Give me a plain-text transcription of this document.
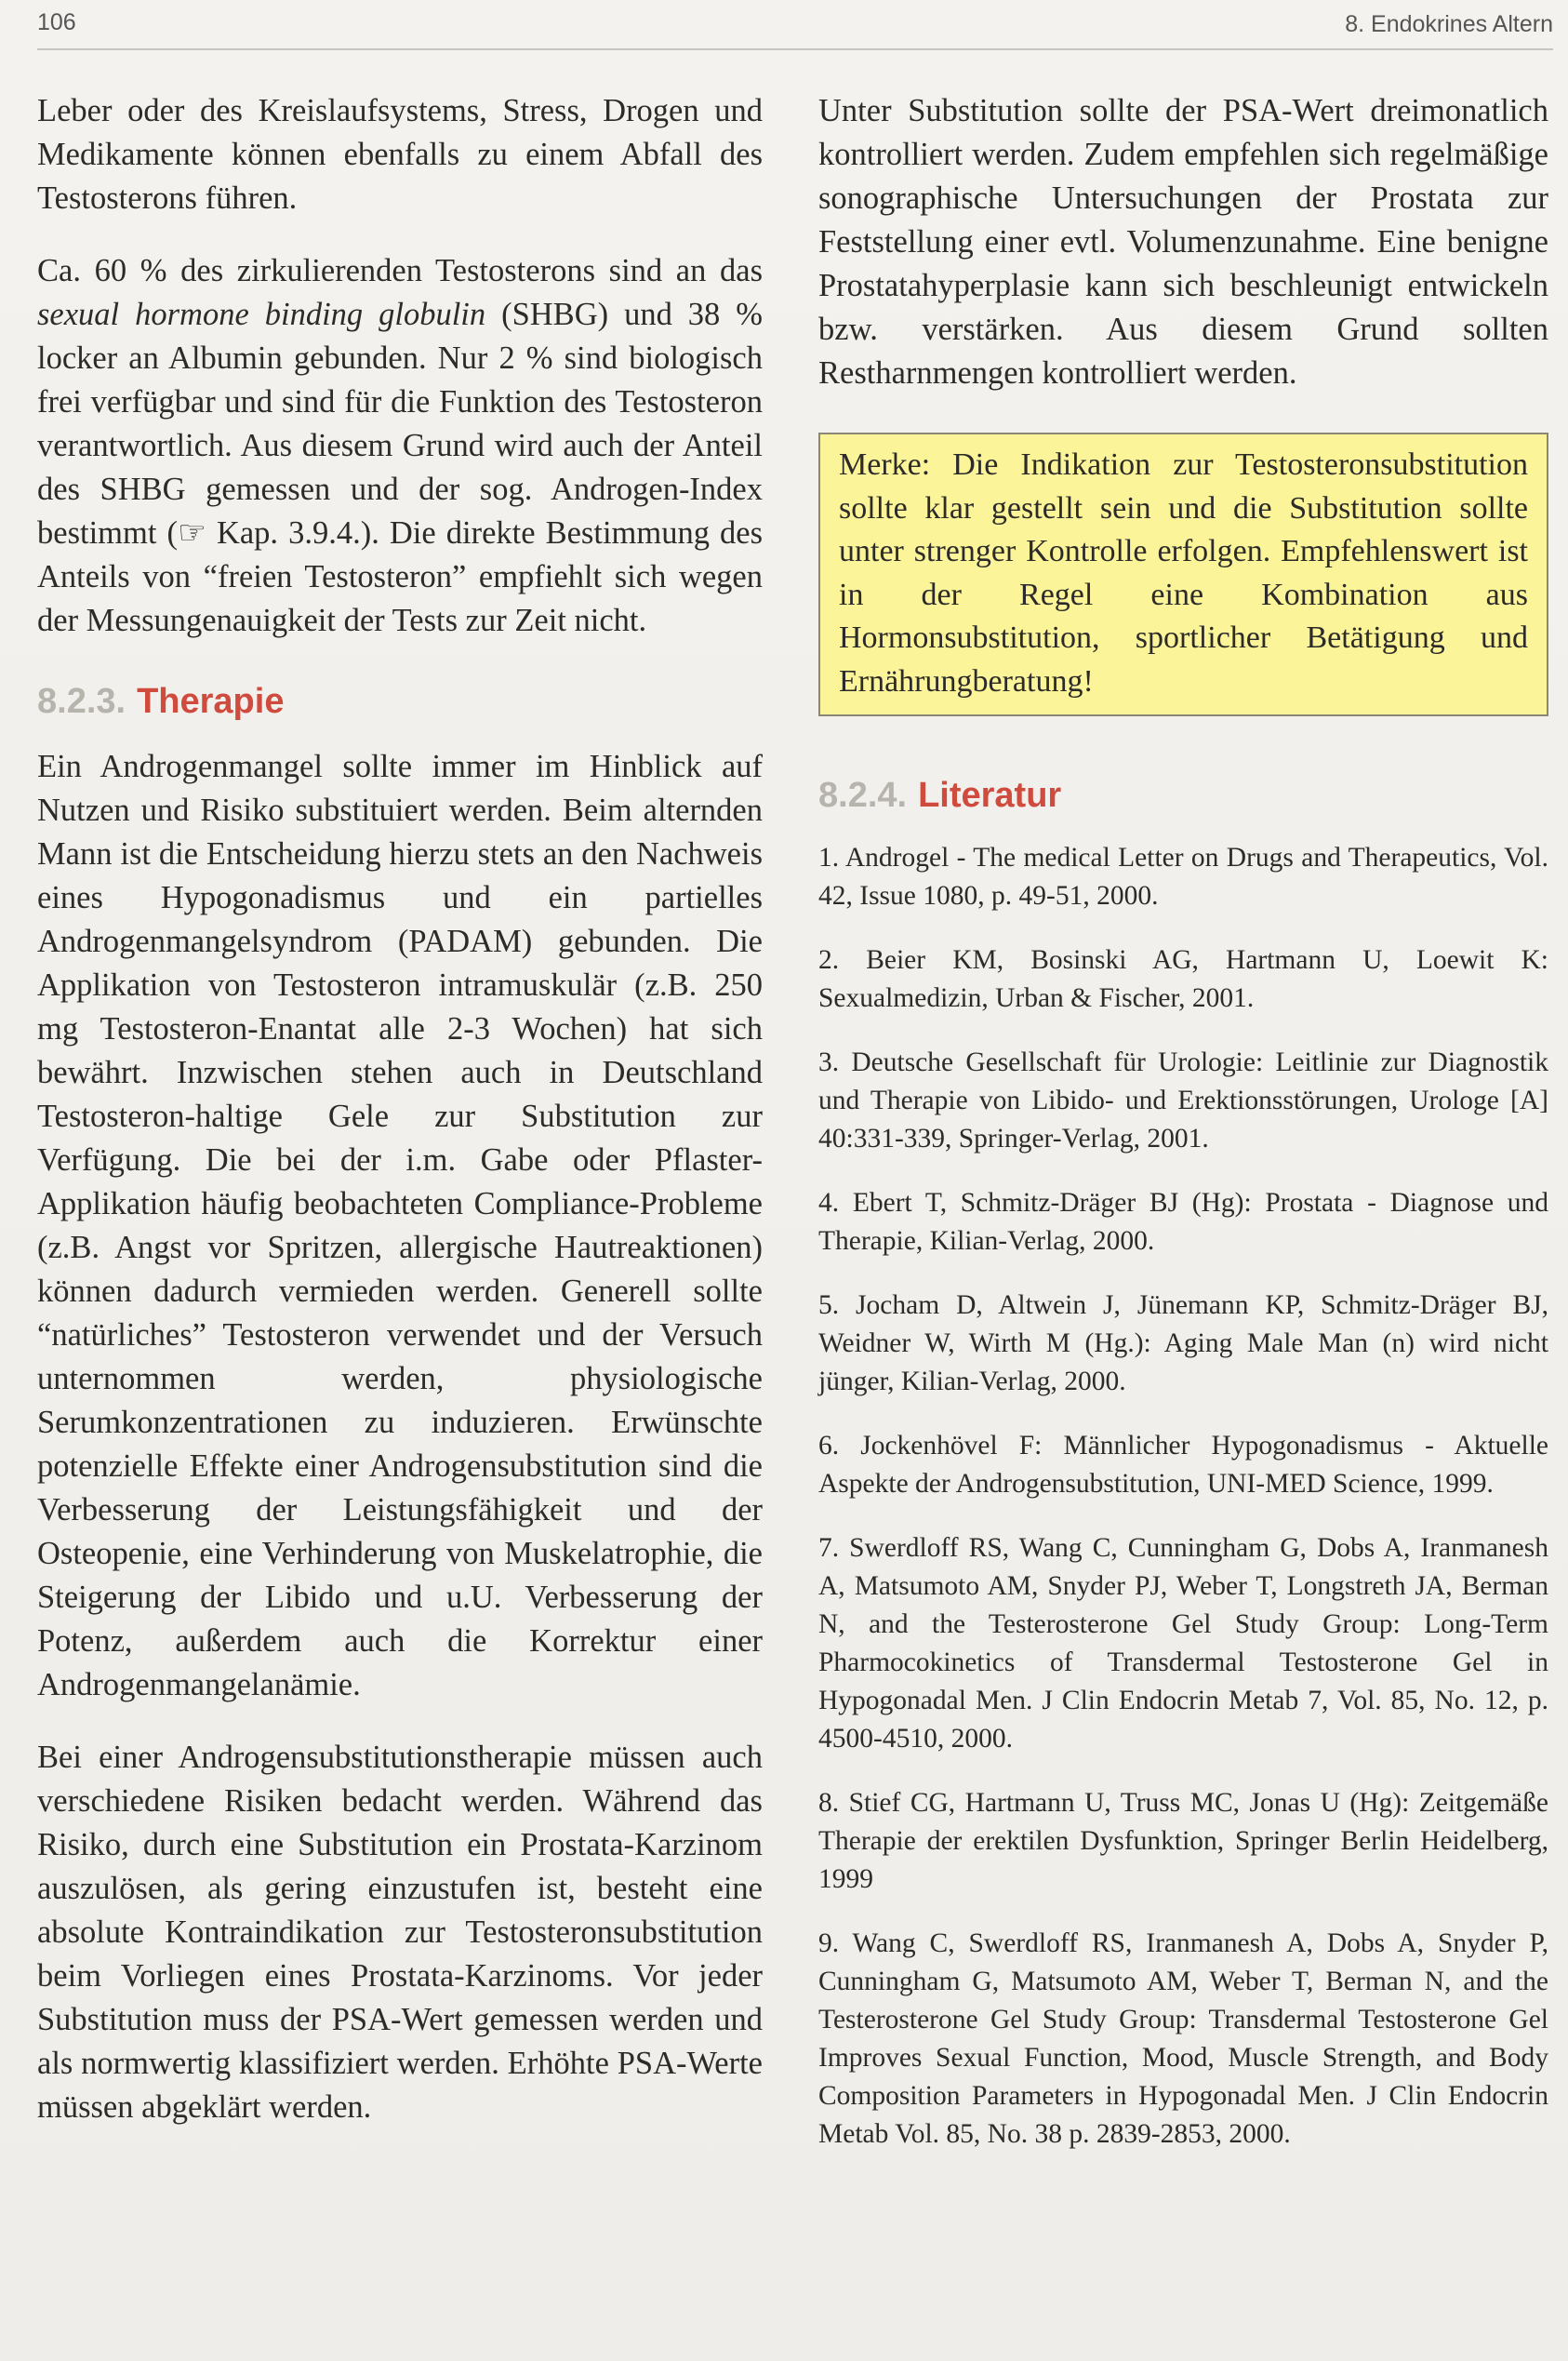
106	8. Endokrines Altern

Leber oder des Kreislaufsystems, Stress, Drogen und Medikamente können ebenfalls zu einem Abfall des Testosterons führen.

Ca. 60 % des zirkulierenden Testosterons sind an das sexual hormone binding globulin (SHBG) und 38 % locker an Albumin gebunden. Nur 2 % sind biologisch frei verfügbar und sind für die Funktion des Testosteron verantwortlich. Aus diesem Grund wird auch der Anteil des SHBG gemessen und der sog. Androgen-Index bestimmt (☞ Kap. 3.9.4.). Die direkte Bestimmung des Anteils von “freien Testosteron” empfiehlt sich wegen der Messungenauigkeit der Tests zur Zeit nicht.

8.2.3. Therapie

Ein Androgenmangel sollte immer im Hinblick auf Nutzen und Risiko substituiert werden. Beim alternden Mann ist die Entscheidung hierzu stets an den Nachweis eines Hypogonadismus und ein partielles Androgenmangelsyndrom (PADAM) gebunden. Die Applikation von Testosteron intramuskulär (z.B. 250 mg Testosteron-Enantat alle 2-3 Wochen) hat sich bewährt. Inzwischen stehen auch in Deutschland Testosteron-haltige Gele zur Substitution zur Verfügung. Die bei der i.m. Gabe oder Pflaster-Applikation häufig beobachteten Compliance-Probleme (z.B. Angst vor Spritzen, allergische Hautreaktionen) können dadurch vermieden werden. Generell sollte “natürliches” Testosteron verwendet und der Versuch unternommen werden, physiologische Serumkonzentrationen zu induzieren. Erwünschte potenzielle Effekte einer Androgensubstitution sind die Verbesserung der Leistungsfähigkeit und der Osteopenie, eine Verhinderung von Muskelatrophie, die Steigerung der Libido und u.U. Verbesserung der Potenz, außerdem auch die Korrektur einer Androgenmangelanämie.

Bei einer Androgensubstitutionstherapie müssen auch verschiedene Risiken bedacht werden. Während das Risiko, durch eine Substitution ein Prostata-Karzinom auszulösen, als gering einzustufen ist, besteht eine absolute Kontraindikation zur Testosteronsubstitution beim Vorliegen eines Prostata-Karzinoms. Vor jeder Substitution muss der PSA-Wert gemessen werden und als normwertig klassifiziert werden. Erhöhte PSA-Werte müssen abgeklärt werden.

Unter Substitution sollte der PSA-Wert dreimonatlich kontrolliert werden. Zudem empfehlen sich regelmäßige sonographische Untersuchungen der Prostata zur Feststellung einer evtl. Volumenzunahme. Eine benigne Prostatahyperplasie kann sich beschleunigt entwickeln bzw. verstärken. Aus diesem Grund sollten Restharnmengen kontrolliert werden.

Merke: Die Indikation zur Testosteronsubstitution sollte klar gestellt sein und die Substitution sollte unter strenger Kontrolle erfolgen. Empfehlenswert ist in der Regel eine Kombination aus Hormonsubstitution, sportlicher Betätigung und Ernährungberatung!
8.2.4. Literatur
1. Androgel - The medical Letter on Drugs and Therapeutics, Vol. 42, Issue 1080, p. 49-51, 2000.
2. Beier KM, Bosinski AG, Hartmann U, Loewit K: Sexualmedizin, Urban & Fischer, 2001.
3. Deutsche Gesellschaft für Urologie: Leitlinie zur Diagnostik und Therapie von Libido- und Erektionsstörungen, Urologe [A] 40:331-339, Springer-Verlag, 2001.
4. Ebert T, Schmitz-Dräger BJ (Hg): Prostata - Diagnose und Therapie, Kilian-Verlag, 2000.
5. Jocham D, Altwein J, Jünemann KP, Schmitz-Dräger BJ, Weidner W, Wirth M (Hg.): Aging Male Man (n) wird nicht jünger, Kilian-Verlag, 2000.
6. Jockenhövel F: Männlicher Hypogonadismus - Aktuelle Aspekte der Androgensubstitution, UNI-MED Science, 1999.
7. Swerdloff RS, Wang C, Cunningham G, Dobs A, Iranmanesh A, Matsumoto AM, Snyder PJ, Weber T, Longstreth JA, Berman N, and the Testerosterone Gel Study Group: Long-Term Pharmocokinetics of Transdermal Testosterone Gel in Hypogonadal Men. J Clin Endocrin Metab 7, Vol. 85, No. 12, p. 4500-4510, 2000.
8. Stief CG, Hartmann U, Truss MC, Jonas U (Hg): Zeitgemäße Therapie der erektilen Dysfunktion, Springer Berlin Heidelberg, 1999
9. Wang C, Swerdloff RS, Iranmanesh A, Dobs A, Snyder P, Cunningham G, Matsumoto AM, Weber T, Berman N, and the Testerosterone Gel Study Group: Transdermal Testosterone Gel Improves Sexual Function, Mood, Muscle Strength, and Body Composition Parameters in Hypogonadal Men. J Clin Endocrin Metab Vol. 85, No. 38 p. 2839-2853, 2000.
